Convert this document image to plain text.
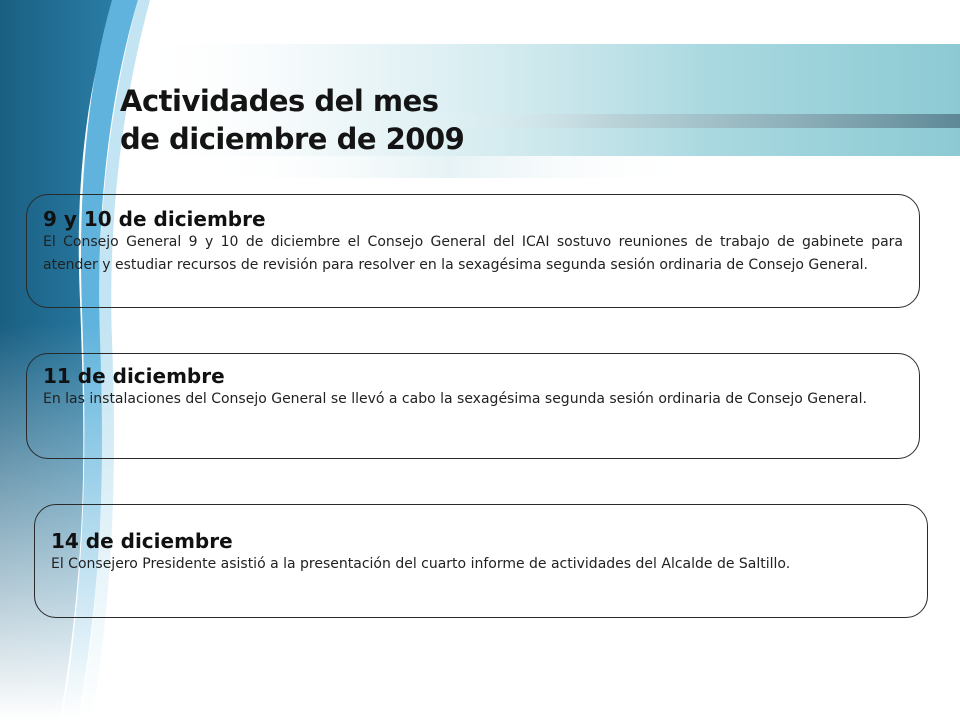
Actividades del mes
de diciembre de 2009
9 y 10 de diciembre

El Consejo General 9 y 10 de diciembre el Consejo General del ICAI sostuvo reuniones de trabajo de gabinete para atender y estudiar recursos de revisión para resolver en la sexagésima segunda sesión ordinaria de Consejo General.

11 de diciembre

En las instalaciones del Consejo General se llevó a cabo la sexagésima segunda sesión ordinaria de Consejo General.

14 de diciembre

El Consejero Presidente asistió a la presentación del cuarto informe de actividades del Alcalde de Saltillo.
